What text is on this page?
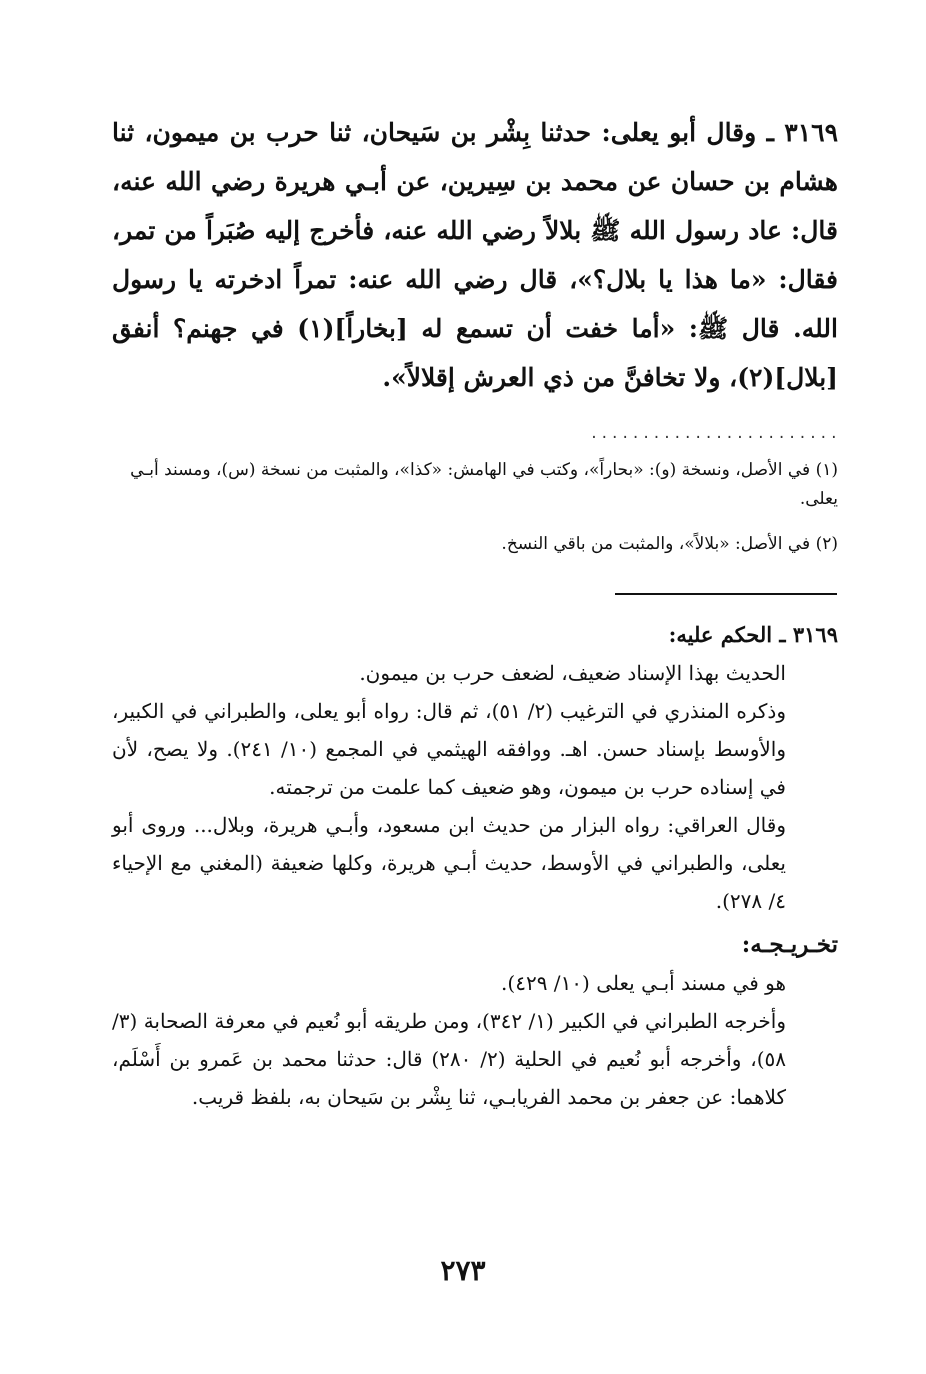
٣١٦٩ ـ وقال أبو يعلى: حدثنا بِشْر بن سَيحان، ثنا حرب بن ميمون، ثنا هشام بن حسان عن محمد بن سِيرين، عن أبـي هريرة رضي الله عنه، قال: عاد رسول الله ﷺ بلالاً رضي الله عنه، فأخرج إليه صُبَراً من تمر، فقال: «ما هذا يا بلال؟»، قال رضي الله عنه: تمراً ادخرته يا رسول الله. قال ﷺ: «أما خفت أن تسمع له [بخاراً](١) في جهنم؟ أنفق [بلال](٢)، ولا تخافنَّ من ذي العرش إقلالاً».

........................

(١) في الأصل، ونسخة (و): «بحاراً»، وكتب في الهامش: «كذا»، والمثبت من نسخة (س)، ومسند أبـي يعلى.

(٢) في الأصل: «بلالاً»، والمثبت من باقي النسخ.

٣١٦٩ ـ الحكم عليه:

الحديث بهذا الإسناد ضعيف، لضعف حرب بن ميمون.

وذكره المنذري في الترغيب (٢/ ٥١)، ثم قال: رواه أبو يعلى، والطبراني في الكبير، والأوسط بإسناد حسن. اهـ. ووافقه الهيثمي في المجمع (١٠/ ٢٤١). ولا يصح، لأن في إسناده حرب بن ميمون، وهو ضعيف كما علمت من ترجمته.

وقال العراقي: رواه البزار من حديث ابن مسعود، وأبـي هريرة، وبلال... وروى أبو يعلى، والطبراني في الأوسط، حديث أبـي هريرة، وكلها ضعيفة (المغني مع الإحياء ٤/ ٢٧٨).

تخـريـجـه:

هو في مسند أبـي يعلى (١٠/ ٤٢٩).

وأخرجه الطبراني في الكبير (١/ ٣٤٢)، ومن طريقه أبو نُعيم في معرفة الصحابة (٣/ ٥٨)، وأخرجه أبو نُعيم في الحلية (٢/ ٢٨٠) قال: حدثنا محمد بن عَمرو بن أَسْلَم، كلاهما: عن جعفر بن محمد الفريابـي، ثنا بِشْر بن سَيحان به، بلفظ قريب.

٢٧٣
